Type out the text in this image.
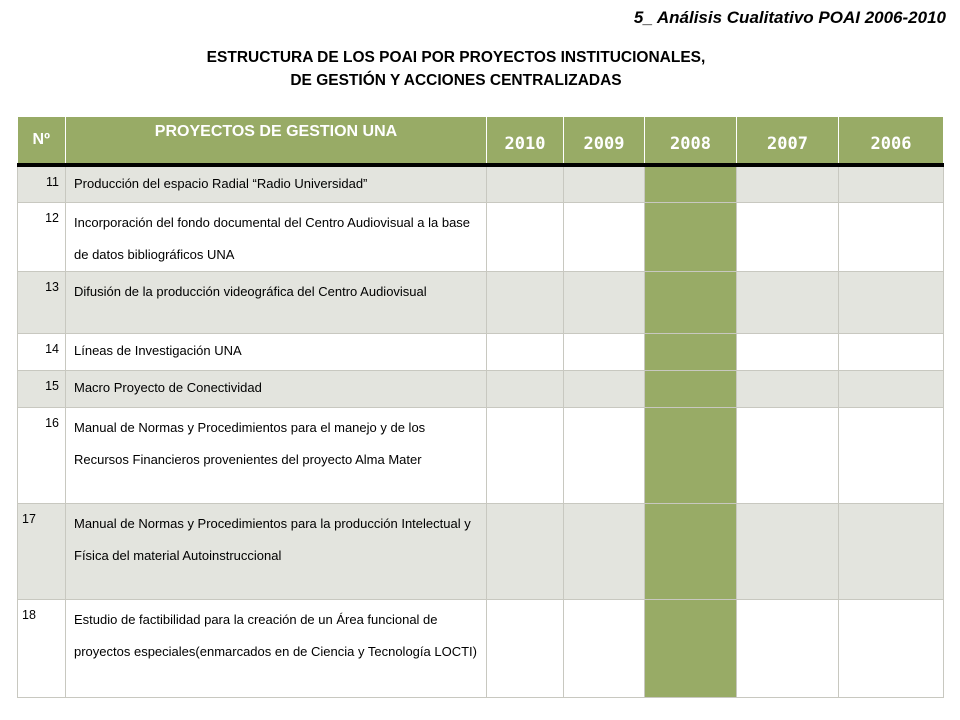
5_ Análisis Cualitativo POAI 2006-2010
ESTRUCTURA DE LOS POAI POR PROYECTOS INSTITUCIONALES,
DE GESTIÓN Y ACCIONES CENTRALIZADAS
Nº	PROYECTOS DE GESTION UNA	2010	2009	2008	2007	2006
11	Producción del espacio Radial “Radio Universidad”					
12	Incorporación del fondo documental del Centro Audiovisual a la base de datos bibliográficos UNA					
13	Difusión de la producción videográfica del Centro Audiovisual					
14	Líneas de Investigación UNA					
15	Macro Proyecto de Conectividad					
16	Manual de Normas y Procedimientos para el manejo y de los Recursos Financieros provenientes del proyecto Alma Mater					
17	Manual de Normas y Procedimientos para la producción Intelectual y Física del material Autoinstruccional					
18	Estudio de factibilidad para la creación de un Área funcional de proyectos especiales(enmarcados en de Ciencia y Tecnología LOCTI)					
